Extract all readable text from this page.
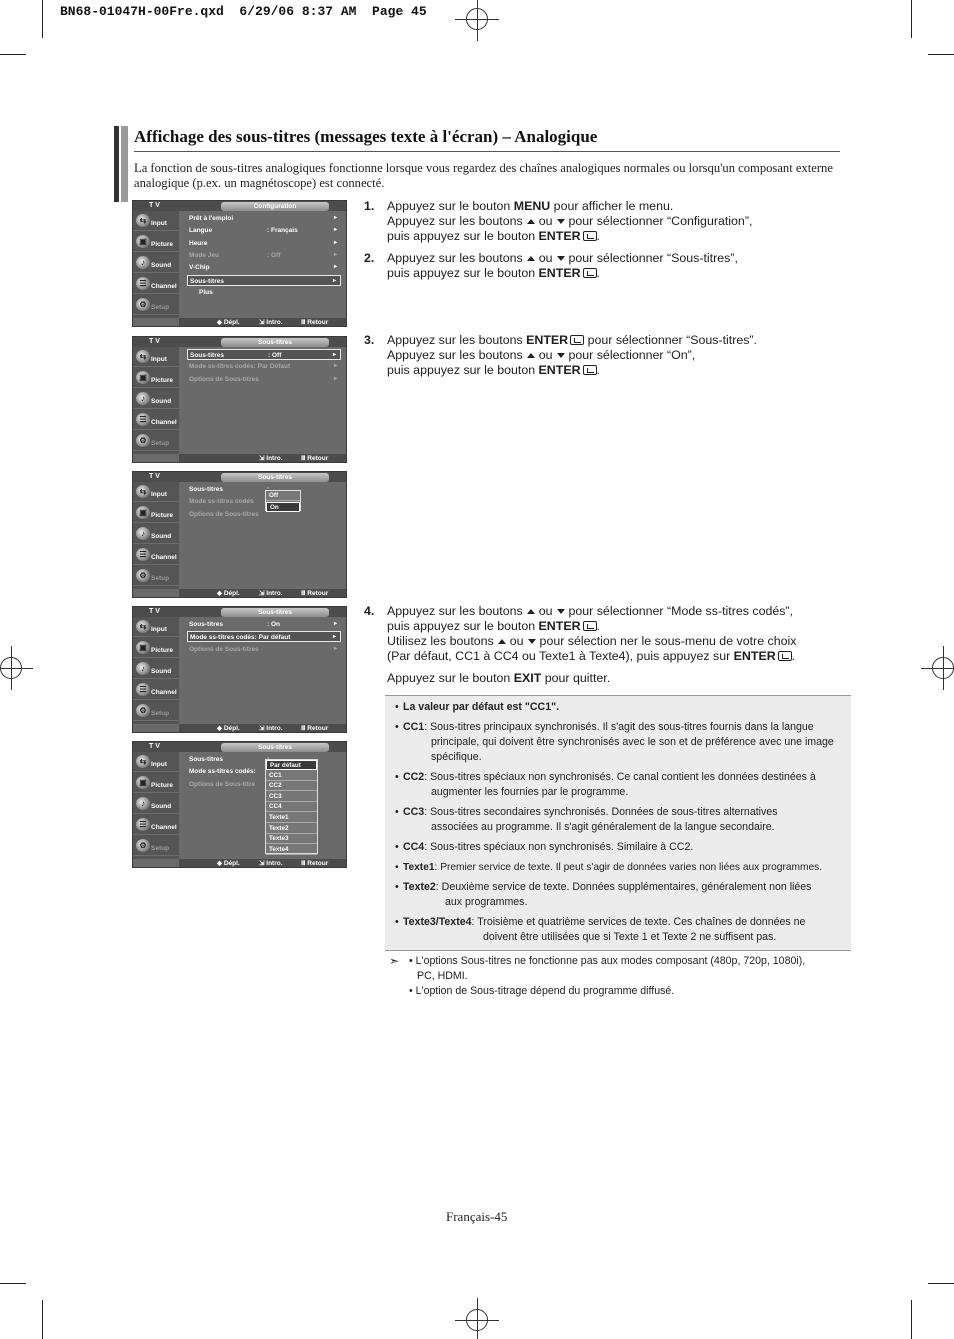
BN68-01047H-00Fre.qxd  6/29/06 8:37 AM  Page 45
Affichage des sous-titres (messages texte à l'écran) – Analogique
La fonction de sous-titres analogiques fonctionne lorsque vous regardez des chaînes analogiques normales ou lorsqu'un composant externe analogique (p.ex. un magnétoscope) est connecté.
T V	Configuration
⇆ Input
▣ Picture
♪ Sound
☰ Channel
⚙ Setup
Prêt à l'emploi	▸
Langue	: Français	▸
Heure	▸
Mode Jeu	: Off	▸
V-Chip	▸
Sous-titres	▸
Plus
◆ Dépl.	⇲ Intro.	Ⅲ Retour
T V	Sous-titres
⇆ Input
▣ Picture
♪ Sound
☰ Channel
⚙ Setup
Sous-titres	: Off	▸
Mode ss-titres codés: Par Défaut	▸
Options de Sous-titres	▸
⇲ Intro.	Ⅲ Retour
T V	Sous-titres
⇆ Input
▣ Picture
♪ Sound
☰ Channel
⚙ Setup
Sous-titres
Mode ss-titres codés
Options de Sous-titres
Off
On
◆ Dépl.	⇲ Intro.	Ⅲ Retour
T V	Sous-titres
⇆ Input
▣ Picture
♪ Sound
☰ Channel
⚙ Setup
Sous-titres	: On	▸
Mode ss-titres codés: Par défaut	▸
Options de Sous-titres	▸
◆ Dépl.	⇲ Intro.	Ⅲ Retour
T V	Sous-titres
⇆ Input
▣ Picture
♪ Sound
☰ Channel
⚙ Setup
Sous-titres
Mode ss-titres codés:
Options de Sous-titre
Par défaut
CC1
CC2
CC3
CC4
Texte1
Texte2
Texte3
Texte4
◆ Dépl.	⇲ Intro.	Ⅲ Retour
1. Appuyez sur le bouton MENU pour afficher le menu.
Appuyez sur les boutons ou pour sélectionner “Configuration”,
puis appuyez sur le bouton ENTER .
2. Appuyez sur les boutons ou pour sélectionner “Sous-titres”,
puis appuyez sur le bouton ENTER .
3. Appuyez sur les boutons ENTER pour sélectionner “Sous-titres”.
Appuyez sur les boutons ou pour sélectionner “On”,
puis appuyez sur le bouton ENTER .
4. Appuyez sur les boutons ou pour sélectionner “Mode ss-titres codés”,
puis appuyez sur le bouton ENTER .
Utilisez les boutons ou pour sélection ner le sous-menu de votre choix
(Par défaut, CC1 à CC4 ou Texte1 à Texte4), puis appuyez sur ENTER .
Appuyez sur le bouton EXIT pour quitter.
• La valeur par défaut est "CC1".
• CC1: Sous-titres principaux synchronisés. Il s'agit des sous-titres fournis dans la langue
principale, qui doivent être synchronisés avec le son et de préférence avec une image
spécifique.
• CC2: Sous-titres spéciaux non synchronisés. Ce canal contient les données destinées à
augmenter les fournies par le programme.
• CC3: Sous-titres secondaires synchronisés. Données de sous-titres alternatives
associées au programme. Il s'agit généralement de la langue secondaire.
• CC4: Sous-titres spéciaux non synchronisés. Similaire à CC2.
• Texte1: Premier service de texte. Il peut s'agir de données varies non liées aux programmes.
• Texte2: Deuxième service de texte. Données supplémentaires, généralement non liées
aux programmes.
• Texte3/Texte4: Troisième et quatrième services de texte. Ces chaînes de données ne
doivent être utilisées que si Texte 1 et Texte 2 ne suffisent pas.
➣ • L'options Sous-titres ne fonctionne pas aux modes composant (480p, 720p, 1080i),
PC, HDMI.
• L'option de Sous-titrage dépend du programme diffusé.
Français-45
